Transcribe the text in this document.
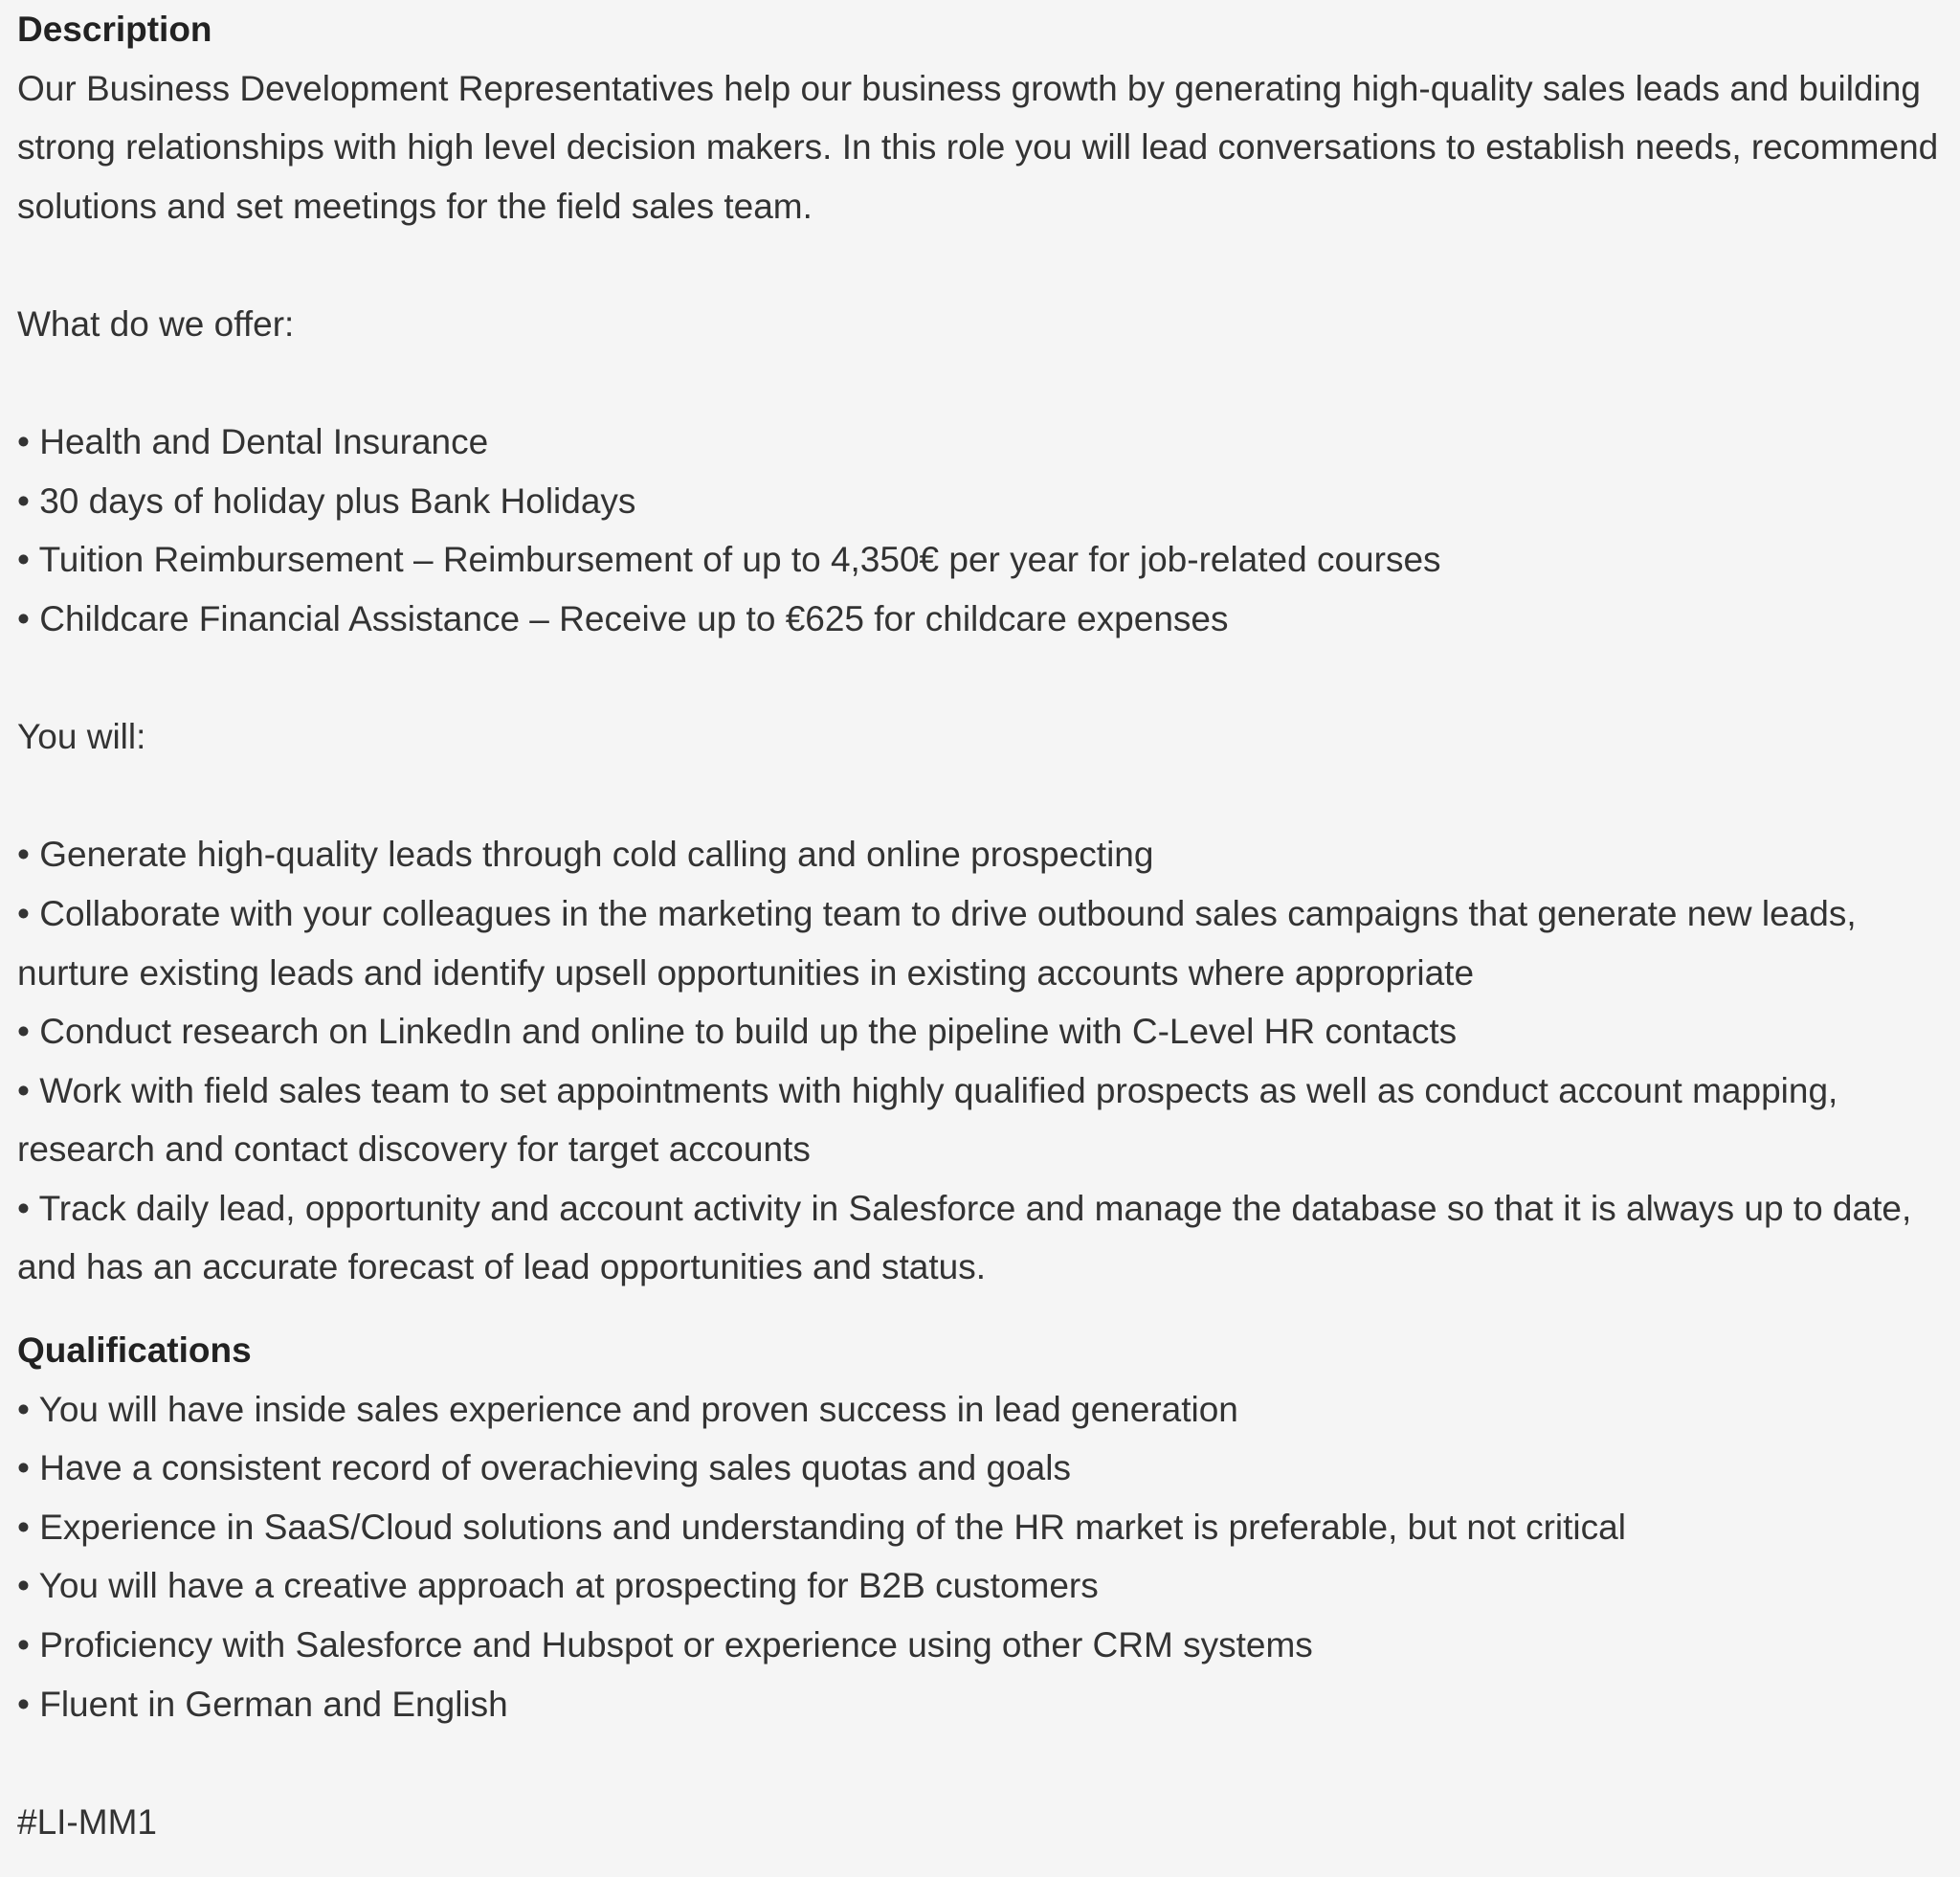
Description

Our Business Development Representatives help our business growth by generating high-quality sales leads and building strong relationships with high level decision makers. In this role you will lead conversations to establish needs, recommend solutions and set meetings for the field sales team.

What do we offer:

• Health and Dental Insurance
• 30 days of holiday plus Bank Holidays
• Tuition Reimbursement – Reimbursement of up to 4,350€ per year for job-related courses
• Childcare Financial Assistance – Receive up to €625 for childcare expenses

You will:

• Generate high-quality leads through cold calling and online prospecting
• Collaborate with your colleagues in the marketing team to drive outbound sales campaigns that generate new leads, nurture existing leads and identify upsell opportunities in existing accounts where appropriate
• Conduct research on LinkedIn and online to build up the pipeline with C-Level HR contacts
• Work with field sales team to set appointments with highly qualified prospects as well as conduct account mapping, research and contact discovery for target accounts
• Track daily lead, opportunity and account activity in Salesforce and manage the database so that it is always up to date, and has an accurate forecast of lead opportunities and status.
Qualifications
• You will have inside sales experience and proven success in lead generation
• Have a consistent record of overachieving sales quotas and goals
• Experience in SaaS/Cloud solutions and understanding of the HR market is preferable, but not critical
• You will have a creative approach at prospecting for B2B customers
• Proficiency with Salesforce and Hubspot or experience using other CRM systems
• Fluent in German and English

#LI-MM1
